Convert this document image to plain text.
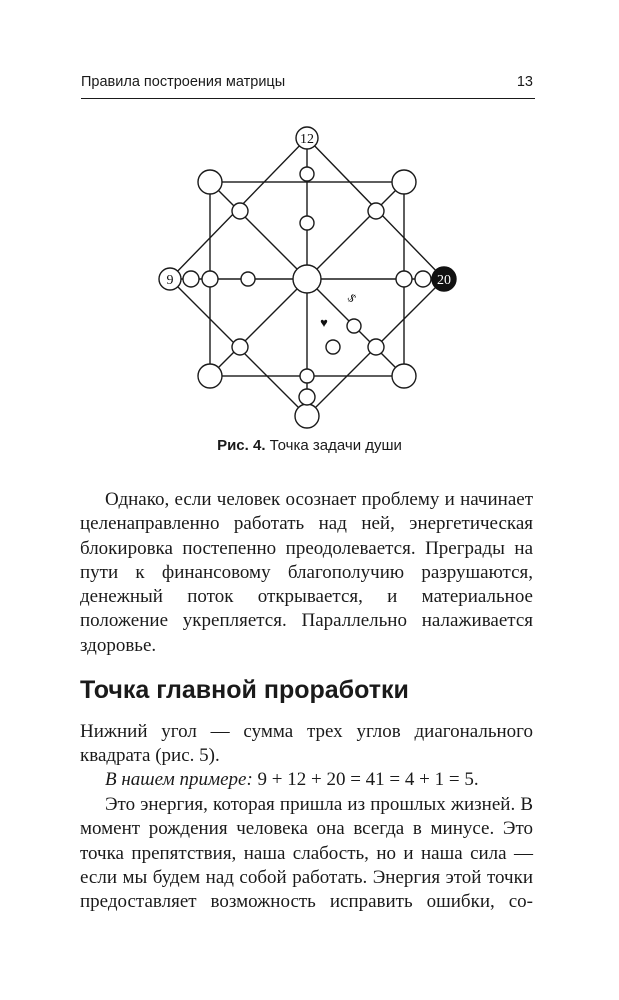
Правила построения матрицы	13
12
9	20
$
♥
Рис. 4. Точка задачи души

Однако, если человек осознает проблему и начинает целенаправленно работать над ней, энергетическая блокировка постепенно преодолевается. Преграды на пути к финансовому благополучию разрушаются, денежный поток открывается, и материальное положение укрепляется. Параллельно налаживается здоровье.

Точка главной проработки

Нижний угол — сумма трех углов диагонального квадрата (рис. 5).

В нашем примере: 9 + 12 + 20 = 41 = 4 + 1 = 5.

Это энергия, которая пришла из прошлых жизней. В момент рождения человека она всегда в минусе. Это точка препятствия, наша слабость, но и наша сила — если мы будем над собой работать. Энергия этой точки предоставляет возможность исправить ошибки, со-
